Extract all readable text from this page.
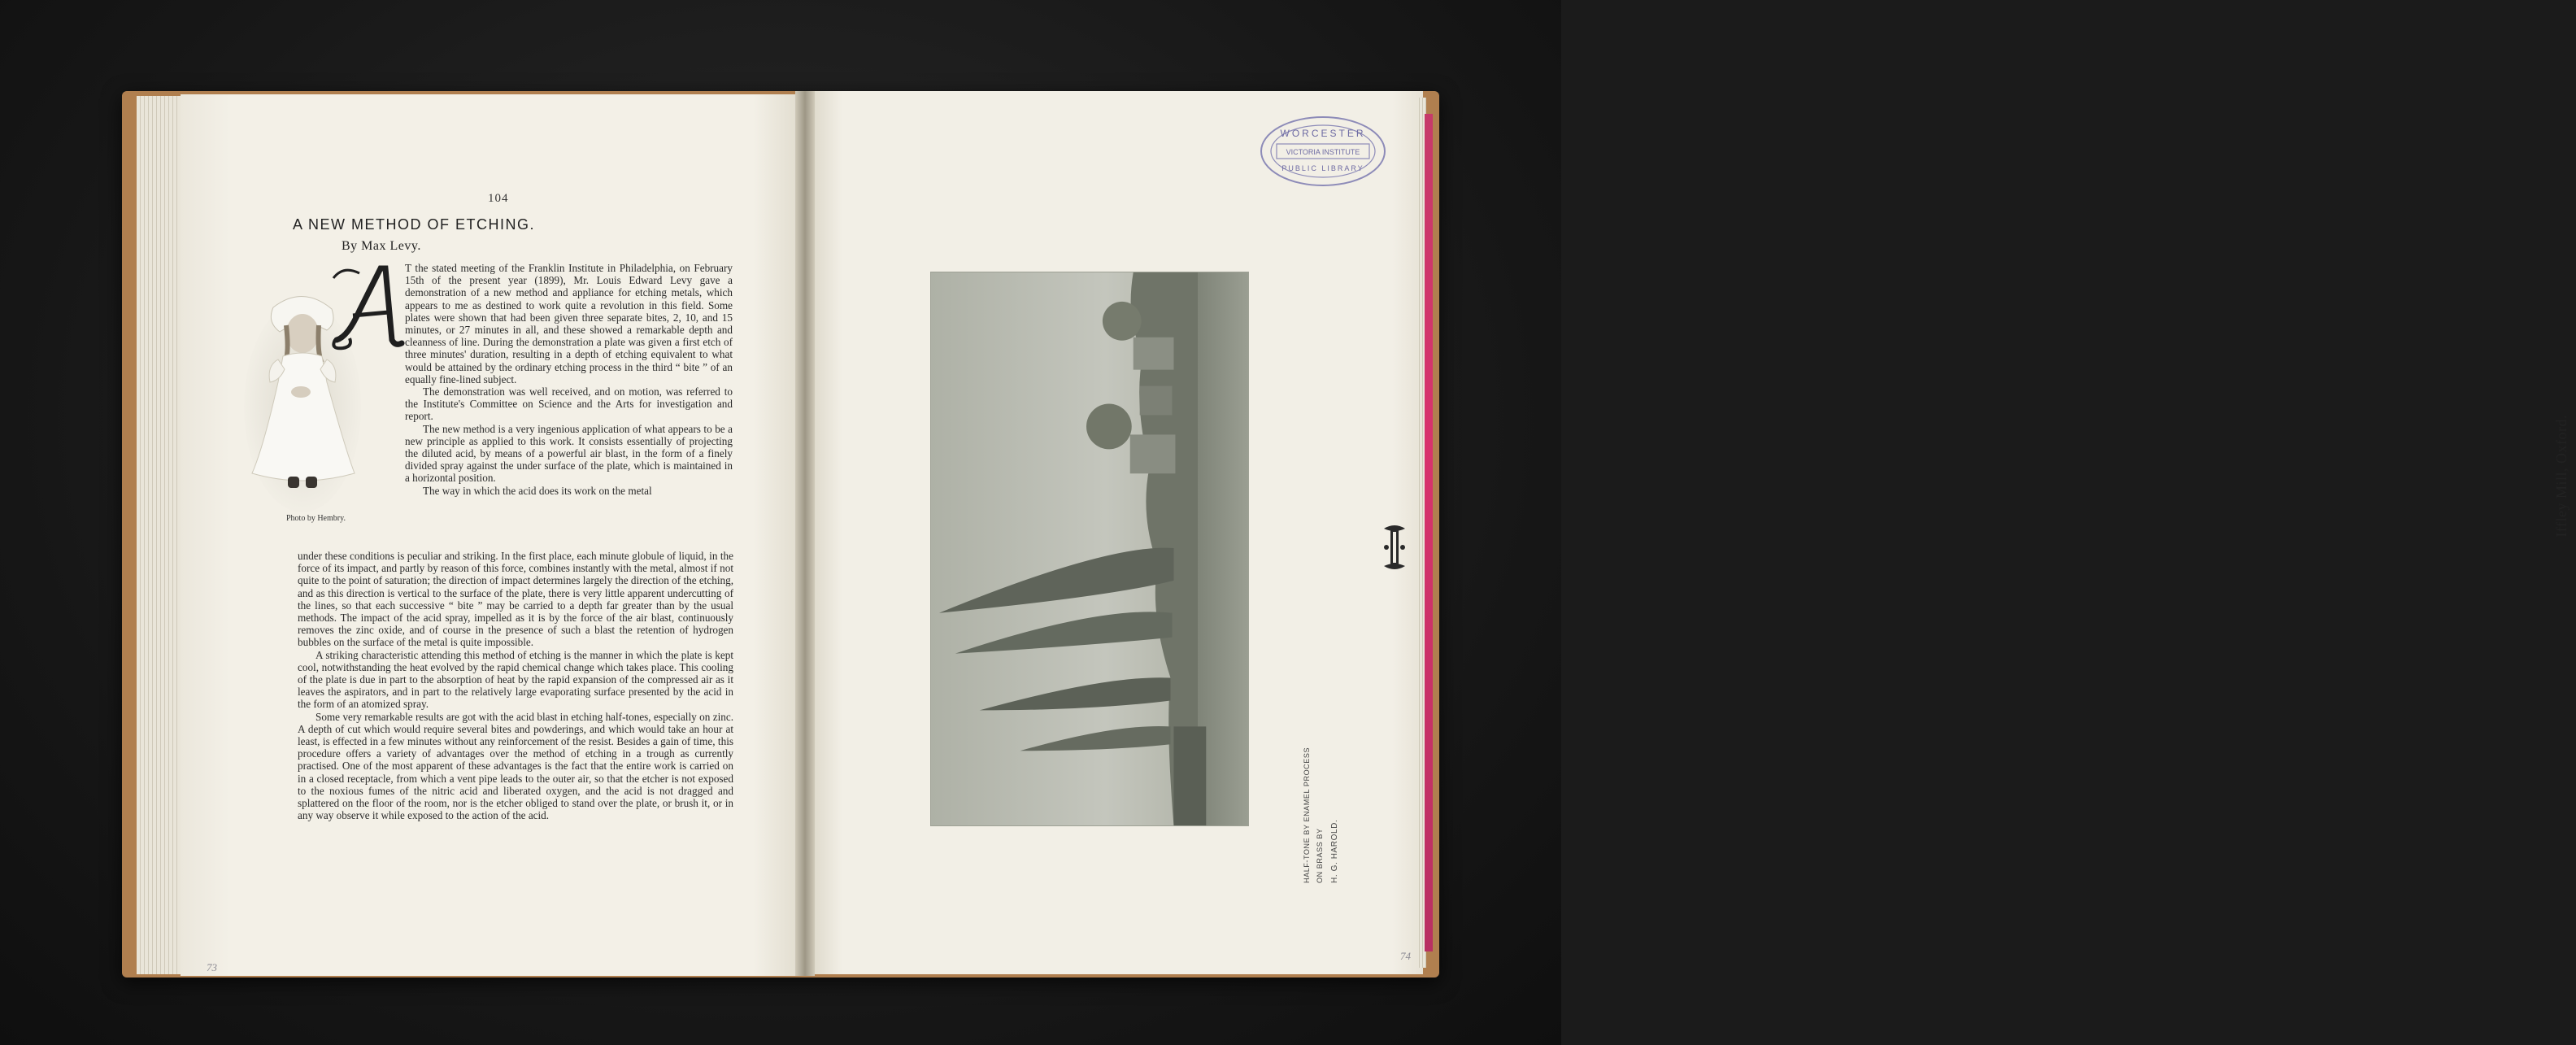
104
A NEW METHOD OF ETCHING.
By Max Levy.
Photo by Hembry.
A

T the stated meeting of the Franklin Institute in Philadelphia, on February 15th of the present year (1899), Mr. Louis Edward Levy gave a demonstration of a new method and appliance for etching metals, which appears to me as destined to work quite a revolution in this field. Some plates were shown that had been given three separate bites, 2, 10, and 15 minutes, or 27 minutes in all, and these showed a remarkable depth and cleanness of line. During the demonstration a plate was given a first etch of three minutes' duration, resulting in a depth of etching equivalent to what would be attained by the ordinary etching process in the third “ bite ” of an equally fine-lined subject.

The demonstration was well received, and on motion, was referred to the Institute's Committee on Science and the Arts for investigation and report.

The new method is a very ingenious application of what appears to be a new principle as applied to this work. It consists essentially of projecting the diluted acid, by means of a powerful air blast, in the form of a finely divided spray against the under surface of the plate, which is maintained in a horizontal position.

The way in which the acid does its work on the metal

under these conditions is peculiar and striking. In the first place, each minute globule of liquid, in the force of its impact, and partly by reason of this force, combines instantly with the metal, almost if not quite to the point of saturation; the direction of impact determines largely the direction of the etching, and as this direction is vertical to the surface of the plate, there is very little apparent undercutting of the lines, so that each successive “ bite ” may be carried to a depth far greater than by the usual methods. The impact of the acid spray, impelled as it is by the force of the air blast, continuously removes the zinc oxide, and of course in the presence of such a blast the retention of hydrogen bubbles on the surface of the metal is quite impossible.

A striking characteristic attending this method of etching is the manner in which the plate is kept cool, notwithstanding the heat evolved by the rapid chemical change which takes place. This cooling of the plate is due in part to the absorption of heat by the rapid expansion of the compressed air as it leaves the aspirators, and in part to the relatively large evaporating surface presented by the acid in the form of an atomized spray.

Some very remarkable results are got with the acid blast in etching half-tones, especially on zinc. A depth of cut which would require several bites and powderings, and which would take an hour at least, is effected in a few minutes without any reinforcement of the resist. Besides a gain of time, this procedure offers a variety of advantages over the method of etching in a trough as currently practised. One of the most apparent of these advantages is the fact that the entire work is carried on in a closed receptacle, from which a vent pipe leads to the outer air, so that the etcher is not exposed to the noxious fumes of the nitric acid and liberated oxygen, and the acid is not dragged and splattered on the floor of the room, nor is the etcher obliged to stand over the plate, or brush it, or in any way observe it while exposed to the action of the acid.

73
WORCESTER
VICTORIA INSTITUTE
PUBLIC LIBRARY
Iffley Mill, Oxford.
HALF-TONE BY ENAMEL PROCESS ON BRASS BY H. G. HAROLD.
74
